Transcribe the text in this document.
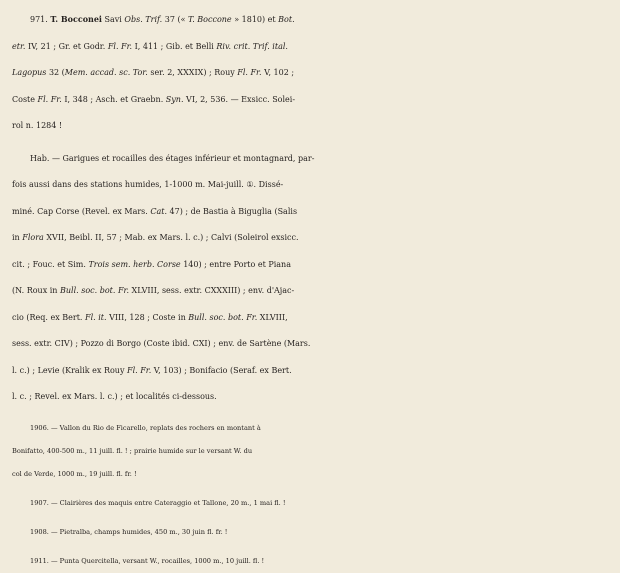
971. T. Bocconei Savi Obs. Trif. 37 (« T. Boccone » 1810) et Bot.
etr. IV, 21 ; Gr. et Godr. Fl. Fr. I, 411 ; Gib. et Belli Riv. crit. Trif. ital.
Lagopus 32 (Mem. accad. sc. Tor. ser. 2, XXXIX) ; Rouy Fl. Fr. V, 102 ;
Coste Fl. Fr. I, 348 ; Asch. et Graebn. Syn. VI, 2, 536. — Exsicc. Solei-
rol n. 1284 !
Hab. — Garigues et rocailles des étages inférieur et montagnard, par-
fois aussi dans des stations humides, 1-1000 m. Mai-juill. ①. Dissé-
miné. Cap Corse (Revel. ex Mars. Cat. 47) ; de Bastia à Biguglia (Salis
in Flora XVII, Beibl. II, 57 ; Mab. ex Mars. l. c.) ; Calvi (Soleirol exsicc.
cit. ; Fouc. et Sim. Trois sem. herb. Corse 140) ; entre Porto et Piana
(N. Roux in Bull. soc. bot. Fr. XLVIII, sess. extr. CXXXIII) ; env. d'Ajac-
cio (Req. ex Bert. Fl. it. VIII, 128 ; Coste in Bull. soc. bot. Fr. XLVIII,
sess. extr. CIV) ; Pozzo di Borgo (Coste ibid. CXI) ; env. de Sartène (Mars.
l. c.) ; Levie (Kralik ex Rouy Fl. Fr. V, 103) ; Bonifacio (Seraf. ex Bert.
l. c. ; Revel. ex Mars. l. c.) ; et localités ci-dessous.
1906. — Vallon du Rio de Ficarello, replats des rochers en montant à
Bonifatto, 400-500 m., 11 juill. fl. ! ; prairie humide sur le versant W. du
col de Verde, 1000 m., 19 juill. fl. fr. !
1907. — Clairières des maquis entre Cateraggio et Tallone, 20 m., 1 mai fl. !
1908. — Pietralba, champs humides, 450 m., 30 juin fl. fr. !
1911. — Punta Quercitella, versant W., rocailles, 1000 m., 10 juill. fl. !
